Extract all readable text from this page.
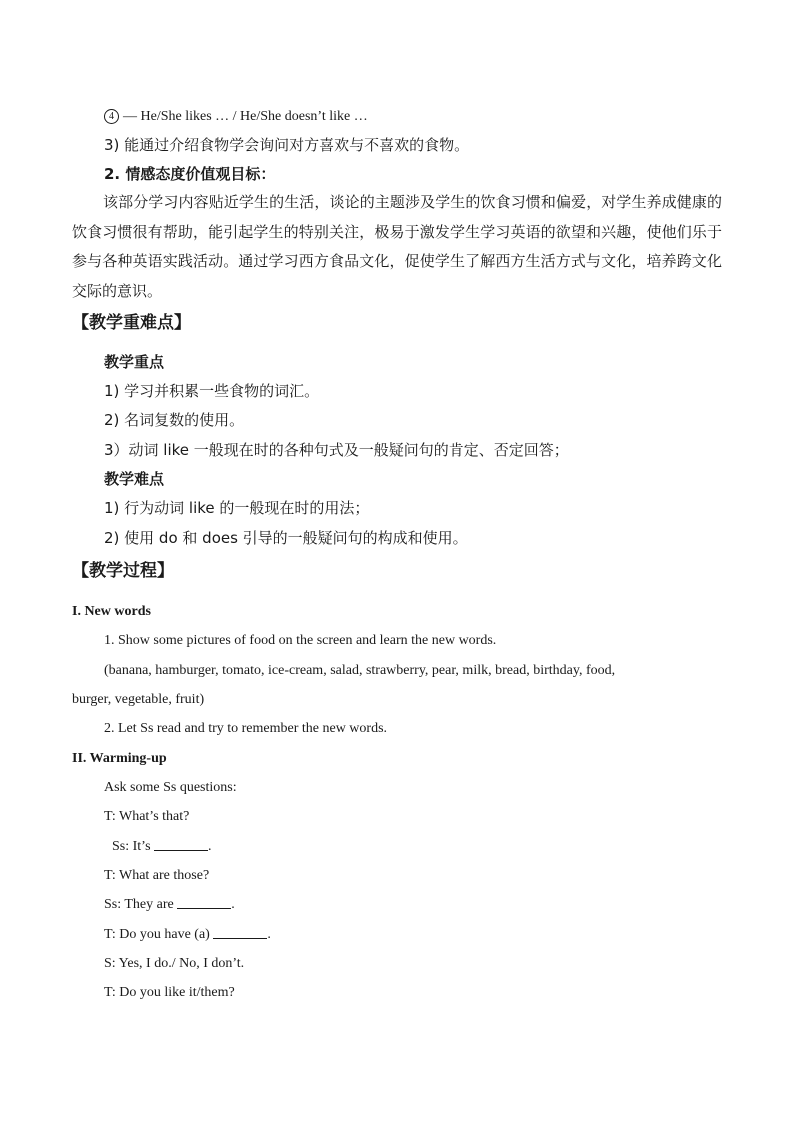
4 — He/She likes … / He/She doesn’t like …
3) 能通过介绍食物学会询问对方喜欢与不喜欢的食物。
2. 情感态度价值观目标：
该部分学习内容贴近学生的生活，谈论的主题涉及学生的饮食习惯和偏爱，对学生养成健康的饮食习惯很有帮助，能引起学生的特别关注，极易于激发学生学习英语的欲望和兴趣，使他们乐于参与各种英语实践活动。通过学习西方食品文化，促使学生了解西方生活方式与文化，培养跨文化交际的意识。
【教学重难点】
教学重点
1) 学习并积累一些食物的词汇。
2) 名词复数的使用。
3）动词 like 一般现在时的各种句式及一般疑问句的肯定、否定回答；
教学难点
1) 行为动词 like 的一般现在时的用法；
2) 使用 do 和 does 引导的一般疑问句的构成和使用。
【教学过程】
I. New words
1. Show some pictures of food on the screen and learn the new words.
(banana, hamburger, tomato, ice-cream, salad, strawberry, pear, milk, bread, birthday, food,
burger, vegetable, fruit)
2. Let Ss read and try to remember the new words.
II. Warming-up
Ask some Ss questions:
T: What’s that?
Ss: It’s	.
T: What are those?
Ss: They are	.
T: Do you have (a)	.
S: Yes, I do./ No, I don’t.
T: Do you like it/them?
